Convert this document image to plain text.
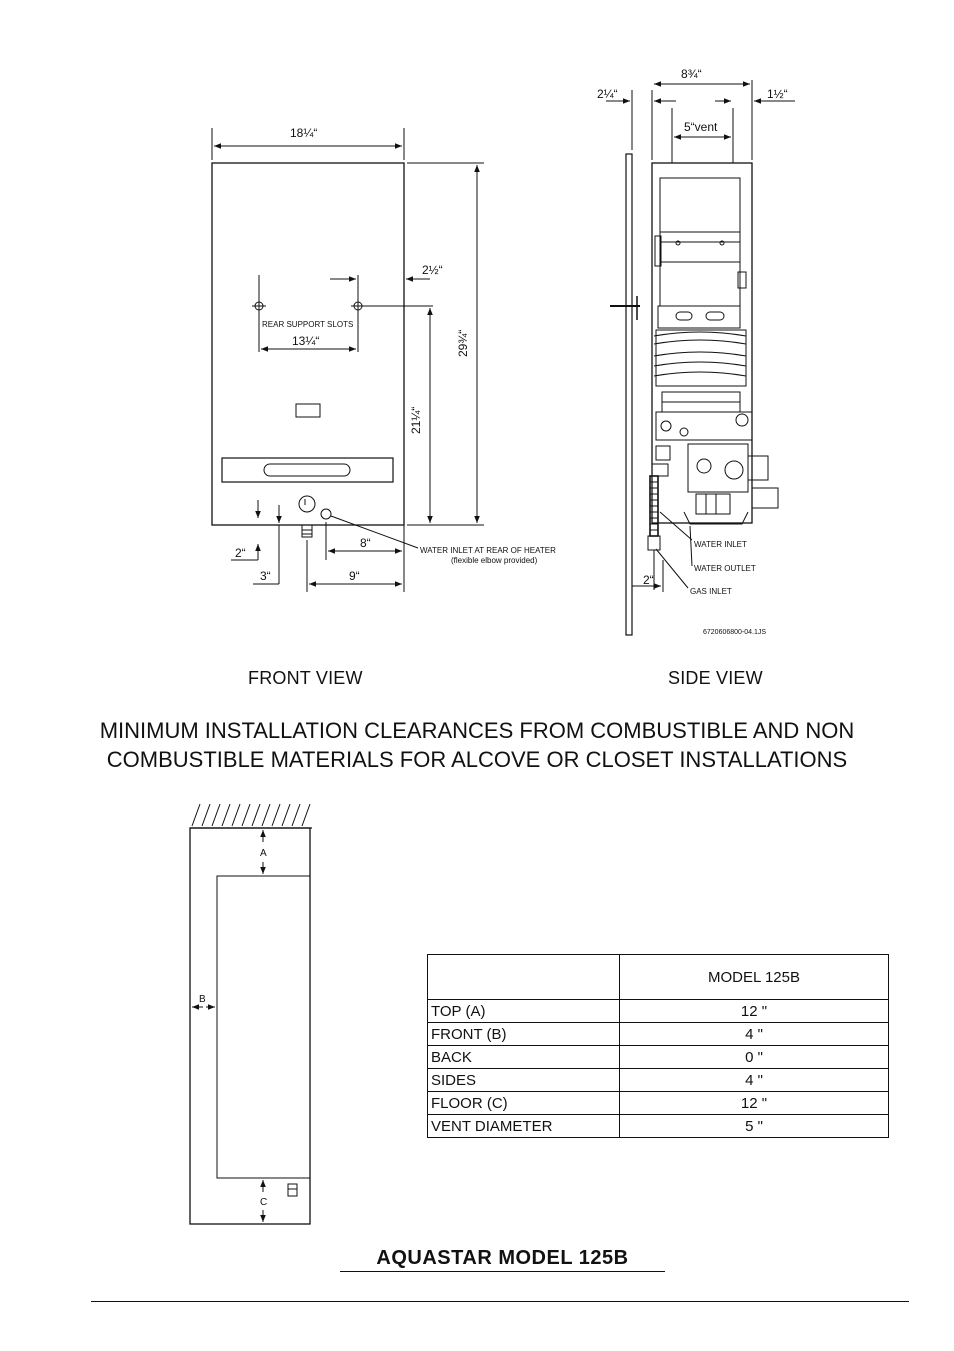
18¼“
2½“
REAR SUPPORT SLOTS
13¼“	29¾“
21¼“
2“
3“
8“
9“
WATER INLET AT REAR OF HEATER
(flexible elbow provided)
8¾“
2¼“	1½“
5“vent
2“
WATER INLET
WATER OUTLET
GAS INLET
6720606800-04.1JS
FRONT VIEW	SIDE VIEW
MINIMUM INSTALLATION CLEARANCES FROM COMBUSTIBLE AND NON
COMBUSTIBLE MATERIALS FOR ALCOVE OR CLOSET INSTALLATIONS
A
B
C
	MODEL 125B
TOP (A)	12 "
FRONT (B)	4 "
BACK	0 "
SIDES	4 "
FLOOR (C)	12 "
VENT DIAMETER	5 "
AQUASTAR MODEL 125B
